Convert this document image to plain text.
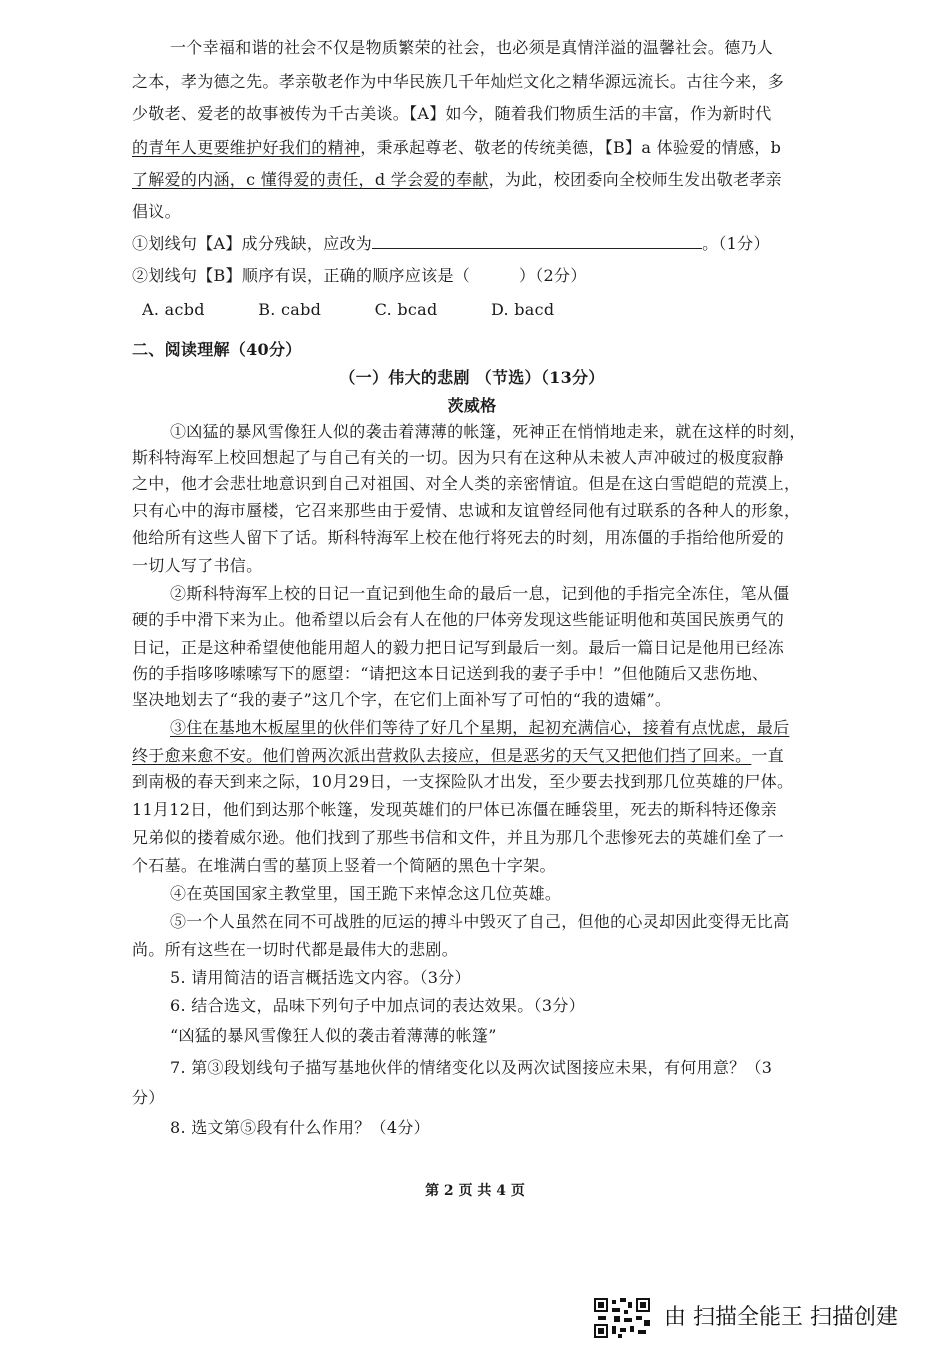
一个幸福和谐的社会不仅是物质繁荣的社会，也必须是真情洋溢的温馨社会。德乃人
之本，孝为德之先。孝亲敬老作为中华民族几千年灿烂文化之精华源远流长。古往今来，多
少敬老、爱老的故事被传为千古美谈。【A】如今，随着我们物质生活的丰富，作为新时代
的青年人更要维护好我们的精神，秉承起尊老、敬老的传统美德，【B】a 体验爱的情感，b
了解爱的内涵，c 懂得爱的责任，d 学会爱的奉献，为此，校团委向全校师生发出敬老孝亲
倡议。
①划线句【A】成分残缺，应改为	。（1分）
②划线句【B】顺序有误，正确的顺序应该是（　　　）（2分）
A. acbd	B. cabd	C. bcad	D. bacd
二、阅读理解（40分）
（一）伟大的悲剧 （节选）（13分）
茨威格
①凶猛的暴风雪像狂人似的袭击着薄薄的帐篷，死神正在悄悄地走来，就在这样的时刻，
斯科特海军上校回想起了与自己有关的一切。因为只有在这种从未被人声冲破过的极度寂静
之中，他才会悲壮地意识到自己对祖国、对全人类的亲密情谊。但是在这白雪皑皑的荒漠上，
只有心中的海市蜃楼，它召来那些由于爱情、忠诚和友谊曾经同他有过联系的各种人的形象，
他给所有这些人留下了话。斯科特海军上校在他行将死去的时刻，用冻僵的手指给他所爱的
一切人写了书信。
②斯科特海军上校的日记一直记到他生命的最后一息，记到他的手指完全冻住，笔从僵
硬的手中滑下来为止。他希望以后会有人在他的尸体旁发现这些能证明他和英国民族勇气的
日记，正是这种希望使他能用超人的毅力把日记写到最后一刻。最后一篇日记是他用已经冻
伤的手指哆哆嗦嗦写下的愿望：“请把这本日记送到我的妻子手中！”但他随后又悲伤地、
坚决地划去了“我的妻子”这几个字，在它们上面补写了可怕的“我的遗孀”。
③住在基地木板屋里的伙伴们等待了好几个星期，起初充满信心，接着有点忧虑，最后
终于愈来愈不安。他们曾两次派出营救队去接应，但是恶劣的天气又把他们挡了回来。一直
到南极的春天到来之际，10月29日，一支探险队才出发，至少要去找到那几位英雄的尸体。
11月12日，他们到达那个帐篷，发现英雄们的尸体已冻僵在睡袋里，死去的斯科特还像亲
兄弟似的搂着威尔逊。他们找到了那些书信和文件，并且为那几个悲惨死去的英雄们垒了一
个石墓。在堆满白雪的墓顶上竖着一个简陋的黑色十字架。
④在英国国家主教堂里，国王跪下来悼念这几位英雄。
⑤一个人虽然在同不可战胜的厄运的搏斗中毁灭了自己，但他的心灵却因此变得无比高
尚。所有这些在一切时代都是最伟大的悲剧。
5. 请用简洁的语言概括选文内容。（3分）
6. 结合选文，品味下列句子中加点词的表达效果。（3分）
“凶猛的暴风雪像狂人似的袭击着薄薄的帐篷”
7. 第③段划线句子描写基地伙伴的情绪变化以及两次试图接应未果，有何用意？（3
分）
8. 选文第⑤段有什么作用？（4分）
第 2 页 共 4 页
由 扫描全能王 扫描创建
